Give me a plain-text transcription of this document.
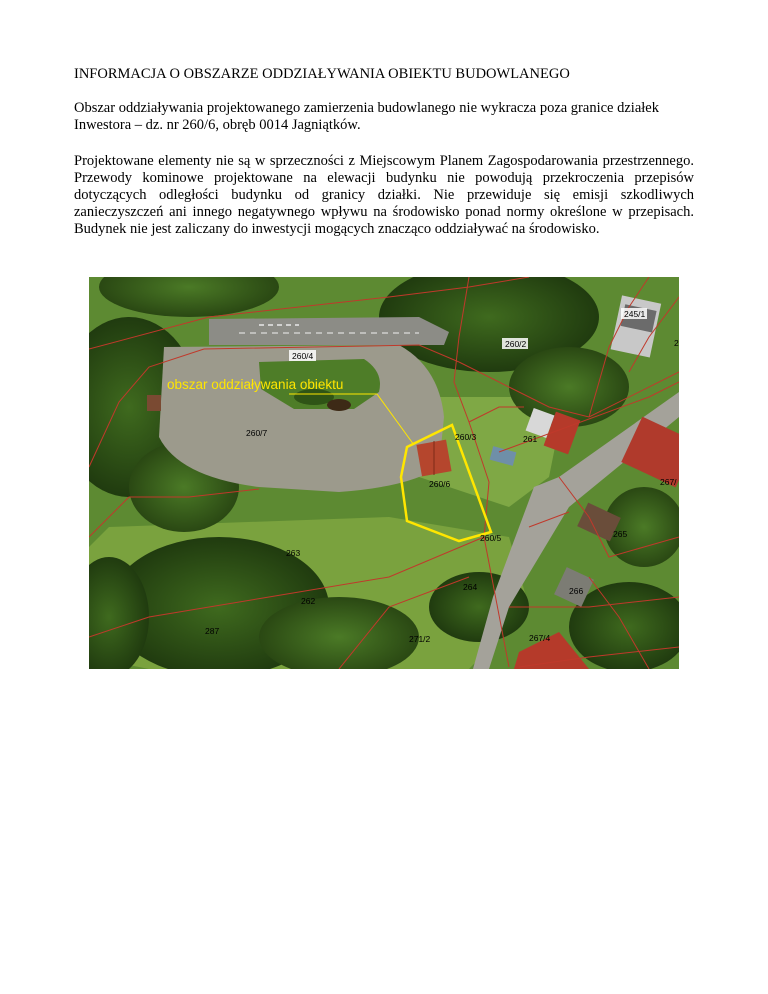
INFORMACJA O OBSZARZE ODDZIAŁYWANIA OBIEKTU BUDOWLANEGO
Obszar oddziaływania projektowanego zamierzenia budowlanego nie wykracza poza granice działek Inwestora – dz. nr 260/6, obręb 0014 Jagniątków.
Projektowane elementy nie są w sprzeczności z Miejscowym Planem Zagospodarowania przestrzennego. Przewody kominowe projektowane na elewacji budynku nie powodują przekroczenia przepisów dotyczących odległości budynku od granicy działki. Nie przewiduje się emisji szkodliwych zanieczyszczeń ani innego negatywnego wpływu na środowisko ponad normy określone w przepisach. Budynek nie jest zaliczany do inwestycji mogących znacząco oddziaływać na środowisko.
obszar oddziaływania obiektu
245/1
260/2	2
260/4
260/7	260/3	261
260/6	267/
260/5	265
263
264	266
262
287
271/2	267/4
